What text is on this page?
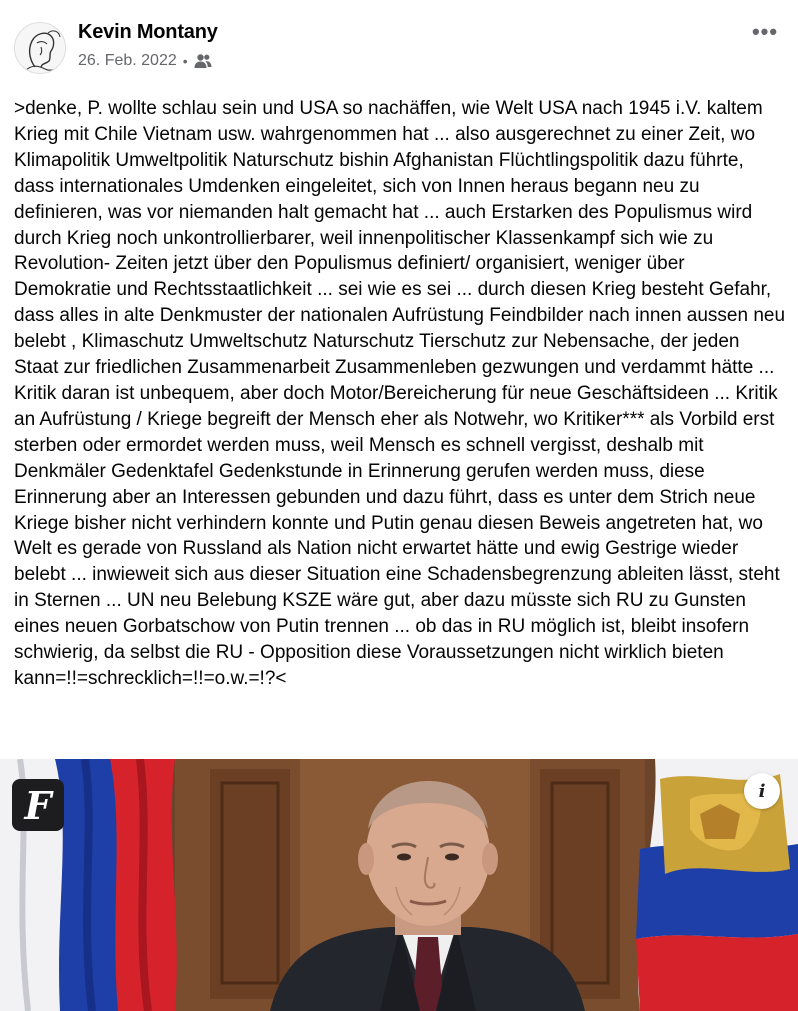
Kevin Montany
26. Feb. 2022 •
•••
>denke, P. wollte schlau sein und USA so nachäffen, wie Welt USA nach 1945 i.V. kaltem Krieg mit Chile Vietnam usw. wahrgenommen hat ... also ausgerechnet zu einer Zeit, wo Klimapolitik Umweltpolitik Naturschutz bishin Afghanistan Flüchtlingspolitik dazu führte, dass internationales Umdenken eingeleitet, sich von Innen heraus begann neu zu definieren, was vor niemanden halt gemacht hat ... auch Erstarken des Populismus wird durch Krieg noch unkontrollierbarer, weil innenpolitischer Klassenkampf sich wie zu Revolution- Zeiten jetzt über den Populismus definiert/ organisiert, weniger über Demokratie und Rechtsstaatlichkeit ... sei wie es sei ... durch diesen Krieg besteht Gefahr, dass alles in alte Denkmuster der nationalen Aufrüstung Feindbilder nach innen aussen neu belebt , Klimaschutz Umweltschutz Naturschutz Tierschutz zur Nebensache, der jeden Staat zur friedlichen Zusammenarbeit Zusammenleben gezwungen und verdammt hätte ... Kritik daran ist unbequem, aber doch Motor/Bereicherung für neue Geschäftsideen ... Kritik an Aufrüstung / Kriege begreift der Mensch eher als Notwehr, wo Kritiker*** als Vorbild erst sterben oder ermordet werden muss, weil Mensch es schnell vergisst, deshalb mit Denkmäler Gedenktafel Gedenkstunde in Erinnerung gerufen werden muss, diese Erinnerung aber an Interessen gebunden und dazu führt, dass es unter dem Strich neue Kriege bisher nicht verhindern konnte und Putin genau diesen Beweis angetreten hat, wo Welt es gerade von Russland als Nation nicht erwartet hätte und ewig Gestrige wieder belebt ... inwieweit sich aus dieser Situation eine Schadensbegrenzung ableiten lässt, steht in Sternen ... UN neu Belebung KSZE wäre gut, aber dazu müsste sich RU zu Gunsten eines neuen Gorbatschow von Putin trennen ... ob das in RU möglich ist, bleibt insofern schwierig, da selbst die RU - Opposition diese Voraussetzungen nicht wirklich bieten kann=!!=schrecklich=!!=o.w.=!?<
F	i
